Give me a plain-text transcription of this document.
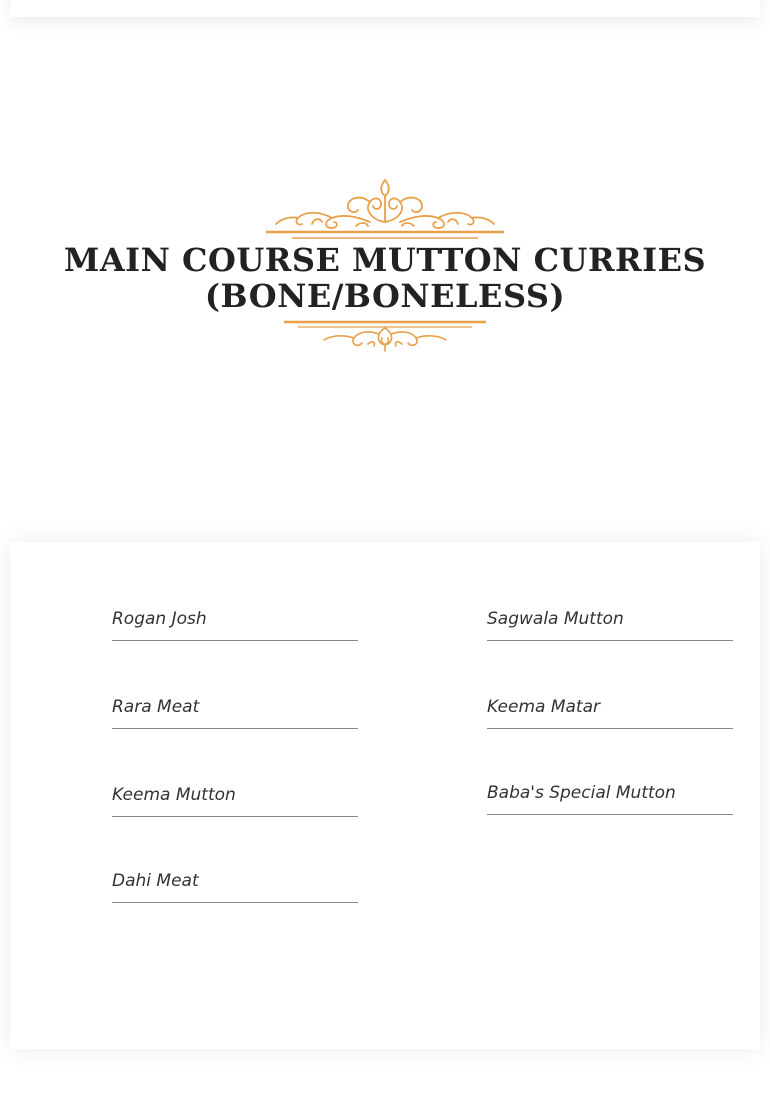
MAIN COURSE MUTTON CURRIES (BONE/BONELESS)
Rogan Josh
Rara Meat
Keema Mutton
Dahi Meat
Sagwala Mutton
Keema Matar
Baba's Special Mutton
